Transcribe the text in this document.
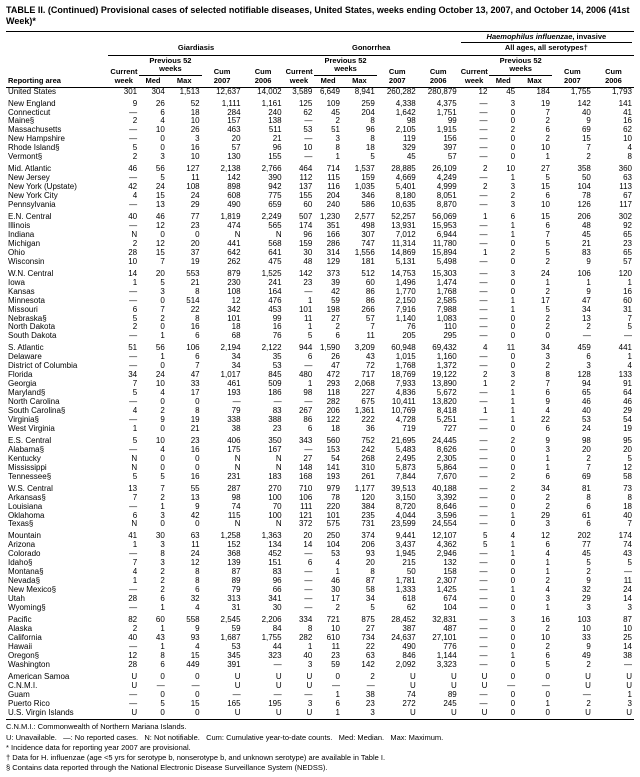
TABLE II. (Continued) Provisional cases of selected notifiable diseases, United States, weeks ending October 13, 2007, and October 14, 2006 (41st Week)*
Reporting area	Giardiasis					Gonorrhea					Haemophilus influenzae, invasive
All ages, all serotypes†				

	Current week	Previous 52 weeks		Cum 2007	Cum 2006	Current week	Previous 52 weeks		Cum 2007	Cum 2006	Current week	Previous 52 weeks		Cum 2007	Cum 2006
		Med	Max				Med	Max				Med	Max		
United States	301	304	1,513	12,637	14,002	3,589	6,649	8,941	260,282	280,879	12	45	184	1,755	1,793
New England	9	26	52	1,111	1,161	125	109	259	4,338	4,375	—	3	19	142	141
Connecticut	—	6	18	284	240	62	45	204	1,642	1,751	—	0	7	40	41
Maine§	2	4	10	157	138	—	2	8	98	99	—	0	2	9	16
Massachusetts	—	10	26	463	511	53	51	96	2,105	1,915	—	2	6	69	62
New Hampshire	—	0	3	20	21	—	3	8	119	156	—	0	2	15	10
Rhode Island§	5	0	16	57	96	10	8	18	329	397	—	0	10	7	4
Vermont§	2	3	10	130	155	—	1	5	45	57	—	0	1	2	8
Mid. Atlantic	46	56	127	2,138	2,766	464	714	1,537	28,885	26,109	2	10	27	358	360
New Jersey	—	5	11	142	390	112	115	159	4,669	4,249	—	1	5	50	63
New York (Upstate)	42	24	108	898	942	137	116	1,035	5,401	4,999	2	3	15	104	113
New York City	4	15	24	608	775	155	204	346	8,180	8,051	—	2	6	78	67
Pennsylvania	—	13	29	490	659	60	240	586	10,635	8,870	—	3	10	126	117
E.N. Central	40	46	77	1,819	2,249	507	1,230	2,577	52,257	56,069	1	6	15	206	302
Illinois	—	12	23	474	565	174	351	498	13,931	15,953	—	1	6	48	92
Indiana	N	0	0	N	N	96	166	307	7,012	6,944	—	1	7	45	65
Michigan	2	12	20	441	568	159	286	747	11,314	11,780	—	0	5	21	23
Ohio	28	15	37	642	641	30	314	1,556	14,869	15,894	1	2	5	83	65
Wisconsin	10	7	19	262	475	48	129	181	5,131	5,498	—	0	2	9	57
W.N. Central	14	20	553	879	1,525	142	373	512	14,753	15,303	—	3	24	106	120
Iowa	1	5	21	230	241	23	39	60	1,496	1,474	—	0	1	1	1
Kansas	—	3	8	108	164	—	42	86	1,770	1,768	—	0	2	9	16
Minnesota	—	0	514	12	476	1	59	86	2,150	2,585	—	1	17	47	60
Missouri	6	7	22	342	453	101	198	266	7,916	7,988	—	1	5	34	31
Nebraska§	5	2	8	101	99	11	27	57	1,140	1,083	—	0	2	13	7
North Dakota	2	0	16	18	16	1	2	7	76	110	—	0	2	2	5
South Dakota	—	1	6	68	76	5	6	11	205	295	—	0	0	—	—
S. Atlantic	51	56	106	2,194	2,122	944	1,590	3,209	60,948	69,432	4	11	34	459	441
Delaware	—	1	6	34	35	6	26	43	1,015	1,160	—	0	3	6	1
District of Columbia	—	0	7	34	53	—	47	72	1,768	1,372	—	0	2	3	4
Florida	34	24	47	1,017	845	480	472	717	18,769	19,122	2	3	8	128	133
Georgia	7	10	33	461	509	1	293	2,068	7,933	13,890	1	2	7	94	91
Maryland§	5	4	17	193	186	98	118	227	4,836	5,672	—	1	6	65	64
North Carolina	—	0	0	—	—	—	282	675	10,411	13,820	—	1	9	46	46
South Carolina§	4	2	8	79	83	267	206	1,361	10,769	8,418	1	1	4	40	29
Virginia§	—	9	19	338	388	86	122	222	4,728	5,251	—	1	22	53	54
West Virginia	1	0	21	38	23	6	18	36	719	727	—	0	6	24	19
E.S. Central	5	10	23	406	350	343	560	752	21,695	24,445	—	2	9	98	95
Alabama§	—	4	16	175	167	—	153	242	5,483	8,626	—	0	3	20	20
Kentucky	N	0	0	N	N	27	54	268	2,495	2,305	—	0	1	2	5
Mississippi	N	0	0	N	N	148	141	310	5,873	5,864	—	0	1	7	12
Tennessee§	5	5	16	231	183	168	193	261	7,844	7,670	—	2	6	69	58
W.S. Central	13	7	55	287	270	710	979	1,177	39,513	40,188	—	2	34	81	73
Arkansas§	7	2	13	98	100	106	78	120	3,150	3,392	—	0	2	8	8
Louisiana	—	1	9	74	70	111	220	384	8,720	8,646	—	0	2	6	18
Oklahoma	6	3	42	115	100	121	101	235	4,044	3,596	—	1	29	61	40
Texas§	N	0	0	N	N	372	575	731	23,599	24,554	—	0	3	6	7
Mountain	41	30	63	1,258	1,363	20	250	374	9,441	12,107	5	4	12	202	174
Arizona	1	3	11	152	134	14	104	206	3,437	4,362	5	1	6	77	74
Colorado	—	8	24	368	452	—	53	93	1,945	2,946	—	1	4	45	43
Idaho§	7	3	12	139	151	6	4	20	215	132	—	0	1	5	5
Montana§	4	2	8	87	83	—	1	8	50	158	—	0	1	2	—
Nevada§	1	2	8	89	96	—	46	87	1,781	2,307	—	0	2	9	11
New Mexico§	—	2	6	79	66	—	30	58	1,333	1,425	—	1	4	32	24
Utah	28	6	32	313	341	—	17	34	618	674	—	0	3	29	14
Wyoming§	—	1	4	31	30	—	2	5	62	104	—	0	1	3	3
Pacific	82	60	558	2,545	2,206	334	721	875	28,452	32,831	—	3	16	103	87
Alaska	2	1	9	59	84	8	10	27	387	487	—	0	2	10	10
California	40	43	93	1,687	1,755	282	610	734	24,637	27,101	—	0	10	33	25
Hawaii	—	1	4	53	44	1	11	22	490	776	—	0	2	9	14
Oregon§	12	8	15	345	323	40	23	63	846	1,144	—	1	6	49	38
Washington	28	6	449	391	—	3	59	142	2,092	3,323	—	0	5	2	—
American Samoa	U	0	0	U	U	U	0	2	U	U	U	0	0	U	U
C.N.M.I.	U	—	—	U	U	U	—	—	U	U	U	—	—	U	U
Guam	—	0	0	—	—	—	1	38	74	89	—	0	0	—	1
Puerto Rico	—	5	15	165	195	3	6	23	272	245	—	0	1	2	3
U.S. Virgin Islands	U	0	0	U	U	U	1	3	U	U	U	0	0	U	U
C.N.M.I.: Commonwealth of Northern Mariana Islands.
U: Unavailable.   —: No reported cases.   N: Not notifiable.   Cum: Cumulative year-to-date counts.   Med: Median.   Max: Maximum.
* Incidence data for reporting year 2007 are provisional.
† Data for H. influenzae (age <5 yrs for serotype b, nonserotype b, and unknown serotype) are available in Table I.
§ Contains data reported through the National Electronic Disease Surveillance System (NEDSS).
